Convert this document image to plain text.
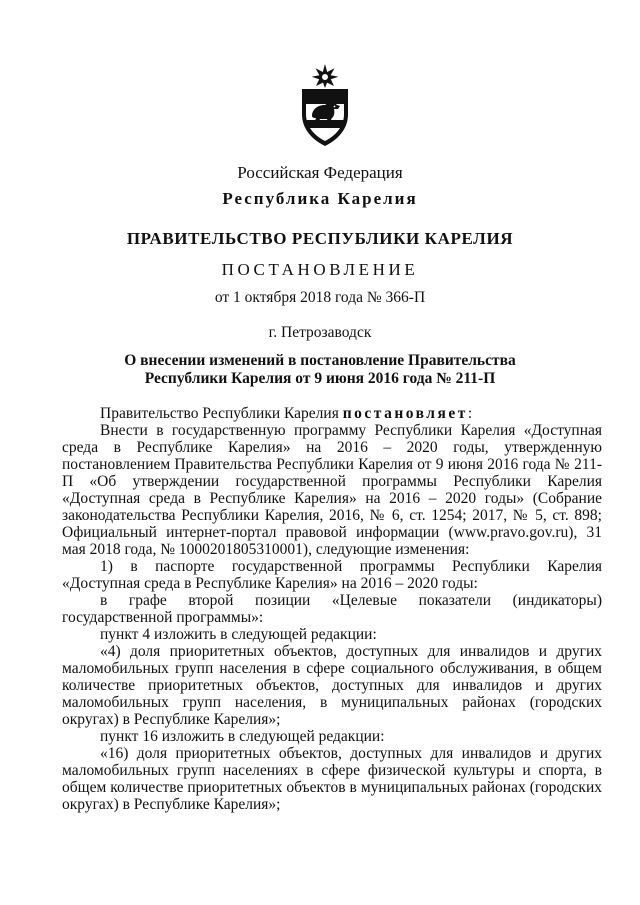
Российская Федерация
Республика Карелия
ПРАВИТЕЛЬСТВО РЕСПУБЛИКИ КАРЕЛИЯ
ПОСТАНОВЛЕНИЕ
от 1 октября 2018 года № 366-П
г. Петрозаводск
О внесении изменений в постановление Правительства
Республики Карелия от 9 июня 2016 года № 211-П

Правительство Республики Карелия постановляет:

Внести в государственную программу Республики Карелия «Доступная среда в Республике Карелия» на 2016 – 2020 годы, утвержденную постановлением Правительства Республики Карелия от 9 июня 2016 года № 211-П «Об утверждении государственной программы Республики Карелия «Доступная среда в Республике Карелия» на 2016 – 2020 годы» (Собрание законодательства Республики Карелия, 2016, № 6, ст. 1254; 2017, № 5, ст. 898; Официальный интернет-портал правовой информации (www.pravo.gov.ru), 31 мая 2018 года, № 1000201805310001), следующие изменения:

1) в паспорте государственной программы Республики Карелия «Доступная среда в Республике Карелия» на 2016 – 2020 годы:

в графе второй позиции «Целевые показатели (индикаторы) государственной программы»:

пункт 4 изложить в следующей редакции:

«4) доля приоритетных объектов, доступных для инвалидов и других маломобильных групп населения в сфере социального обслуживания, в общем количестве приоритетных объектов, доступных для инвалидов и других маломобильных групп населения, в муниципальных районах (городских округах) в Республике Карелия»;

пункт 16 изложить в следующей редакции:

«16) доля приоритетных объектов, доступных для инвалидов и других маломобильных групп населениях в сфере физической культуры и спорта, в общем количестве приоритетных объектов в муниципальных районах (городских округах) в Республике Карелия»;
